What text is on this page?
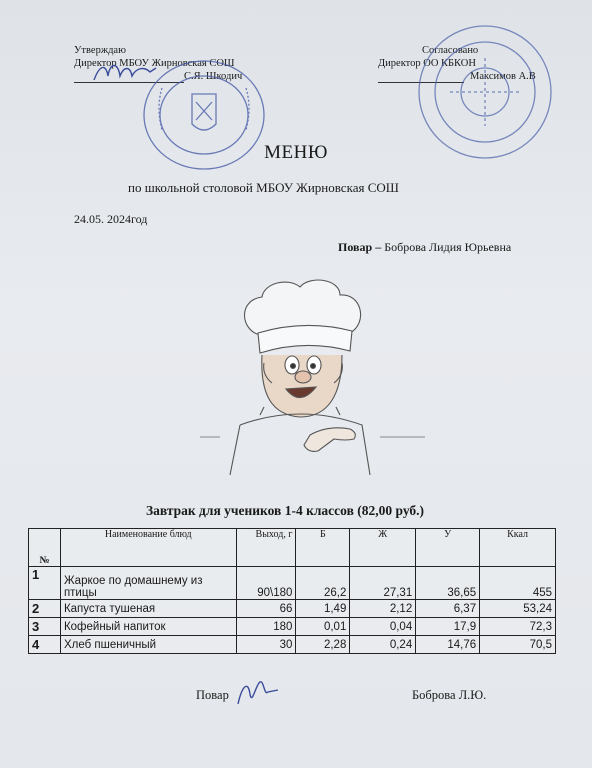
Утверждаю
Директор МБОУ Жирновская СОШ
С.Я. Шкодич
Согласовано
Директор ОО КБКОН
Максимов А.В
МЕНЮ
по школьной столовой МБОУ Жирновская СОШ
24.05. 2024год
Повар – Боброва Лидия Юрьевна
Завтрак для учеников 1-4 классов (82,00 руб.)
№	Наименование блюд	Выход, г	Б	Ж	У	Ккал
1	Жаркое по домашнему из птицы	90\180	26,2	27,31	36,65	455
2	Капуста тушеная	66	1,49	2,12	6,37	53,24
3	Кофейный напиток	180	0,01	0,04	17,9	72,3
4	Хлеб пшеничный	30	2,28	0,24	14,76	70,5
Повар	Боброва Л.Ю.
